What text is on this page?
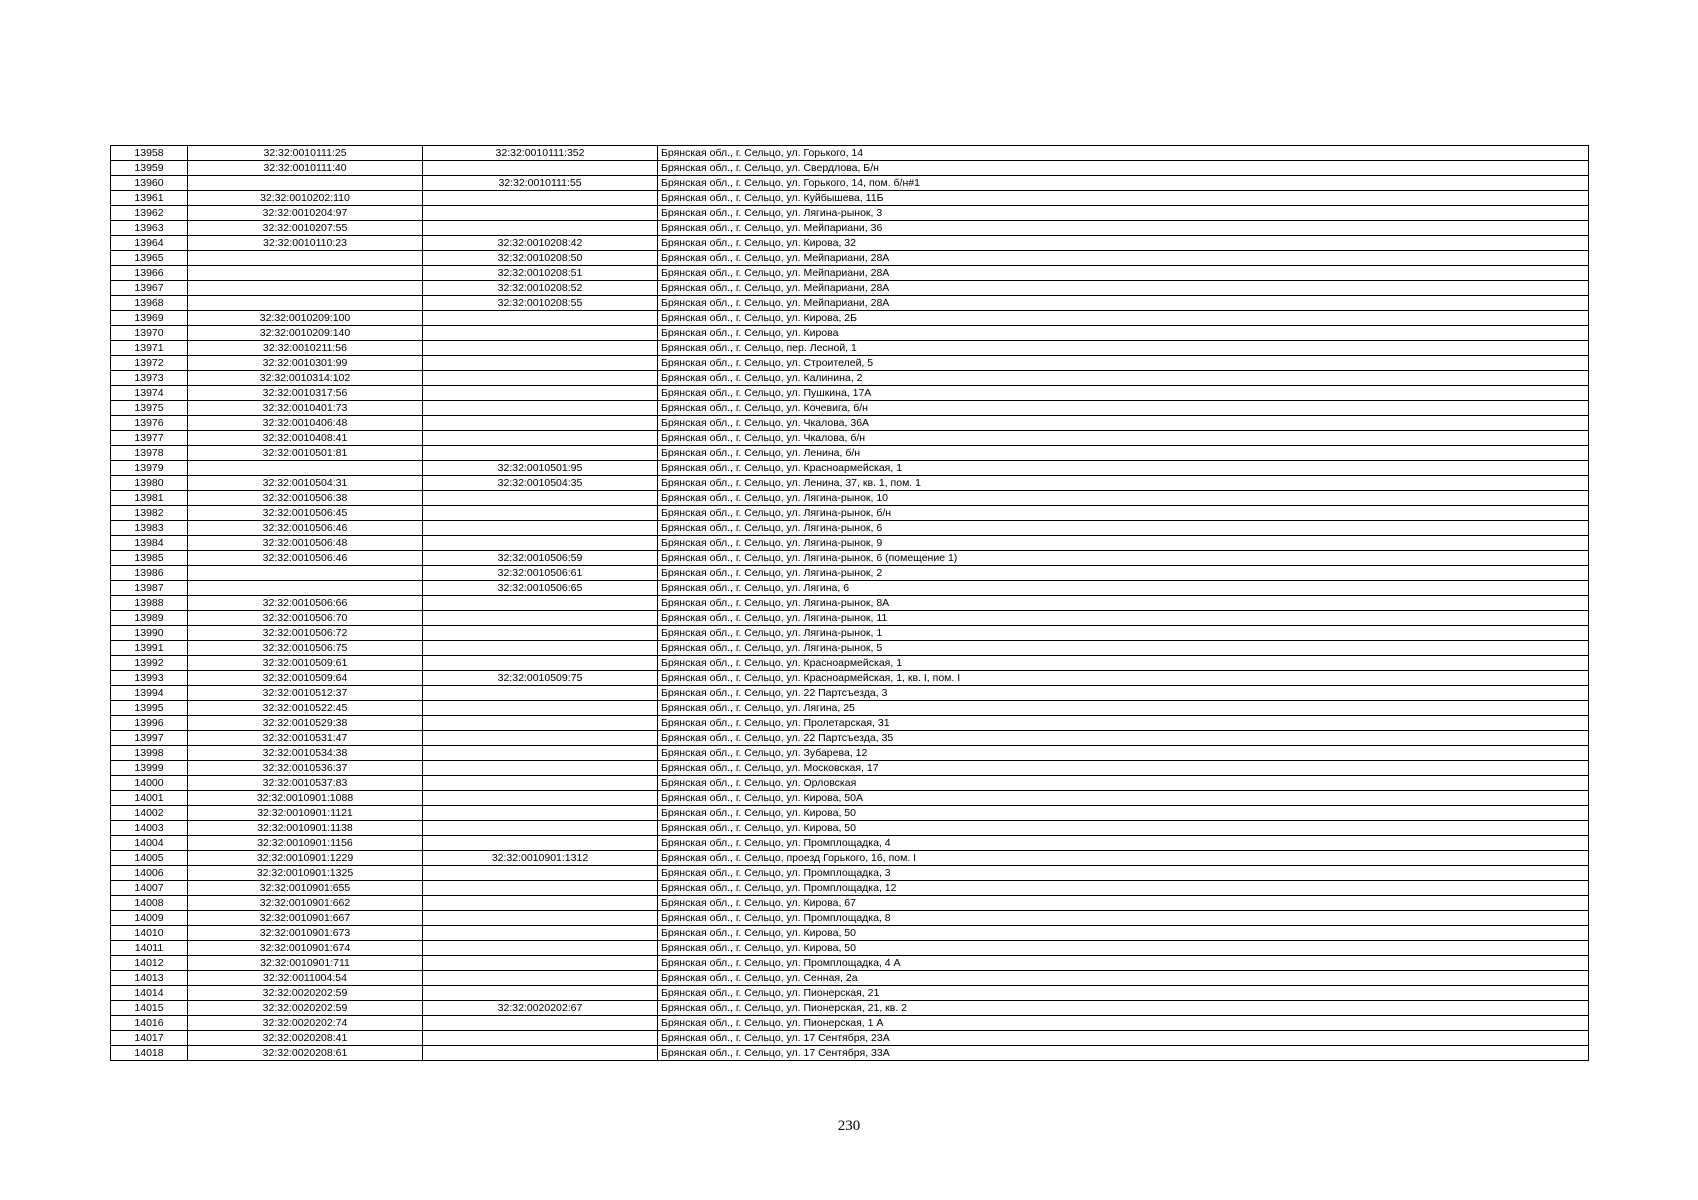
13958	32:32:0010111:25	32:32:0010111:352	Брянская обл., г. Сельцо, ул. Горького, 14
13959	32:32:0010111:40		Брянская обл., г. Сельцо, ул. Свердлова, Б/н
13960		32:32:0010111:55	Брянская обл., г. Сельцо, ул. Горького, 14, пом. б/н#1
13961	32:32:0010202:110		Брянская обл., г. Сельцо, ул. Куйбышева, 11Б
13962	32:32:0010204:97		Брянская обл., г. Сельцо, ул. Лягина-рынок, 3
13963	32:32:0010207:55		Брянская обл., г. Сельцо, ул. Мейпариани, 36
13964	32:32:0010110:23	32:32:0010208:42	Брянская обл., г. Сельцо, ул. Кирова, 32
13965		32:32:0010208:50	Брянская обл., г. Сельцо, ул. Мейпариани, 28А
13966		32:32:0010208:51	Брянская обл., г. Сельцо, ул. Мейпариани, 28А
13967		32:32:0010208:52	Брянская обл., г. Сельцо, ул. Мейпариани, 28А
13968		32:32:0010208:55	Брянская обл., г. Сельцо, ул. Мейпариани, 28А
13969	32:32:0010209:100		Брянская обл., г. Сельцо, ул. Кирова, 2Б
13970	32:32:0010209:140		Брянская обл., г. Сельцо, ул. Кирова
13971	32:32:0010211:56		Брянская обл., г. Сельцо, пер. Лесной, 1
13972	32:32:0010301:99		Брянская обл., г. Сельцо, ул. Строителей, 5
13973	32:32:0010314:102		Брянская обл., г. Сельцо, ул. Калинина, 2
13974	32:32:0010317:56		Брянская обл., г. Сельцо, ул. Пушкина, 17А
13975	32:32:0010401:73		Брянская обл., г. Сельцо, ул. Кочевига, б/н
13976	32:32:0010406:48		Брянская обл., г. Сельцо, ул. Чкалова, 36А
13977	32:32:0010408:41		Брянская обл., г. Сельцо, ул. Чкалова, б/н
13978	32:32:0010501:81		Брянская обл., г. Сельцо, ул. Ленина, б/н
13979		32:32:0010501:95	Брянская обл., г. Сельцо, ул. Красноармейская, 1
13980	32:32:0010504:31	32:32:0010504:35	Брянская обл., г. Сельцо, ул. Ленина, 37, кв. 1, пом. 1
13981	32:32:0010506:38		Брянская обл., г. Сельцо, ул. Лягина-рынок, 10
13982	32:32:0010506:45		Брянская обл., г. Сельцо, ул. Лягина-рынок, б/н
13983	32:32:0010506:46		Брянская обл., г. Сельцо, ул. Лягина-рынок, 6
13984	32:32:0010506:48		Брянская обл., г. Сельцо, ул. Лягина-рынок, 9
13985	32:32:0010506:46	32:32:0010506:59	Брянская обл., г. Сельцо, ул. Лягина-рынок, 6 (помещение 1)
13986		32:32:0010506:61	Брянская обл., г. Сельцо, ул. Лягина-рынок, 2
13987		32:32:0010506:65	Брянская обл., г. Сельцо, ул. Лягина, 6
13988	32:32:0010506:66		Брянская обл., г. Сельцо, ул. Лягина-рынок, 8А
13989	32:32:0010506:70		Брянская обл., г. Сельцо, ул. Лягина-рынок, 11
13990	32:32:0010506:72		Брянская обл., г. Сельцо, ул. Лягина-рынок, 1
13991	32:32:0010506:75		Брянская обл., г. Сельцо, ул. Лягина-рынок, 5
13992	32:32:0010509:61		Брянская обл., г. Сельцо, ул. Красноармейская, 1
13993	32:32:0010509:64	32:32:0010509:75	Брянская обл., г. Сельцо, ул. Красноармейская, 1, кв. I, пом. I
13994	32:32:0010512:37		Брянская обл., г. Сельцо, ул. 22 Партсъезда, 3
13995	32:32:0010522:45		Брянская обл., г. Сельцо, ул. Лягина, 25
13996	32:32:0010529:38		Брянская обл., г. Сельцо, ул. Пролетарская, 31
13997	32:32:0010531:47		Брянская обл., г. Сельцо, ул. 22 Партсъезда, 35
13998	32:32:0010534:38		Брянская обл., г. Сельцо, ул. Зубарева, 12
13999	32:32:0010536:37		Брянская обл., г. Сельцо, ул. Московская, 17
14000	32:32:0010537:83		Брянская обл., г. Сельцо, ул. Орловская
14001	32:32:0010901:1088		Брянская обл., г. Сельцо, ул. Кирова, 50А
14002	32:32:0010901:1121		Брянская обл., г. Сельцо, ул. Кирова, 50
14003	32:32:0010901:1138		Брянская обл., г. Сельцо, ул. Кирова, 50
14004	32:32:0010901:1156		Брянская обл., г. Сельцо, ул. Промплощадка, 4
14005	32:32:0010901:1229	32:32:0010901:1312	Брянская обл., г. Сельцо, проезд Горького, 16, пом. I
14006	32:32:0010901:1325		Брянская обл., г. Сельцо, ул. Промплощадка, 3
14007	32:32:0010901:655		Брянская обл., г. Сельцо, ул. Промплощадка, 12
14008	32:32:0010901:662		Брянская обл., г. Сельцо, ул. Кирова, 67
14009	32:32:0010901:667		Брянская обл., г. Сельцо, ул. Промплощадка, 8
14010	32:32:0010901:673		Брянская обл., г. Сельцо, ул. Кирова, 50
14011	32:32:0010901:674		Брянская обл., г. Сельцо, ул. Кирова, 50
14012	32:32:0010901:711		Брянская обл., г. Сельцо, ул. Промплощадка, 4 А
14013	32:32:0011004:54		Брянская обл., г. Сельцо, ул. Сенная, 2а
14014	32:32:0020202:59		Брянская обл., г. Сельцо, ул. Пионерская, 21
14015	32:32:0020202:59	32:32:0020202:67	Брянская обл., г. Сельцо, ул. Пионерская, 21, кв. 2
14016	32:32:0020202:74		Брянская обл., г. Сельцо, ул. Пионерская, 1 А
14017	32:32:0020208:41		Брянская обл., г. Сельцо, ул. 17 Сентября, 23А
14018	32:32:0020208:61		Брянская обл., г. Сельцо, ул. 17 Сентября, 33А
230
